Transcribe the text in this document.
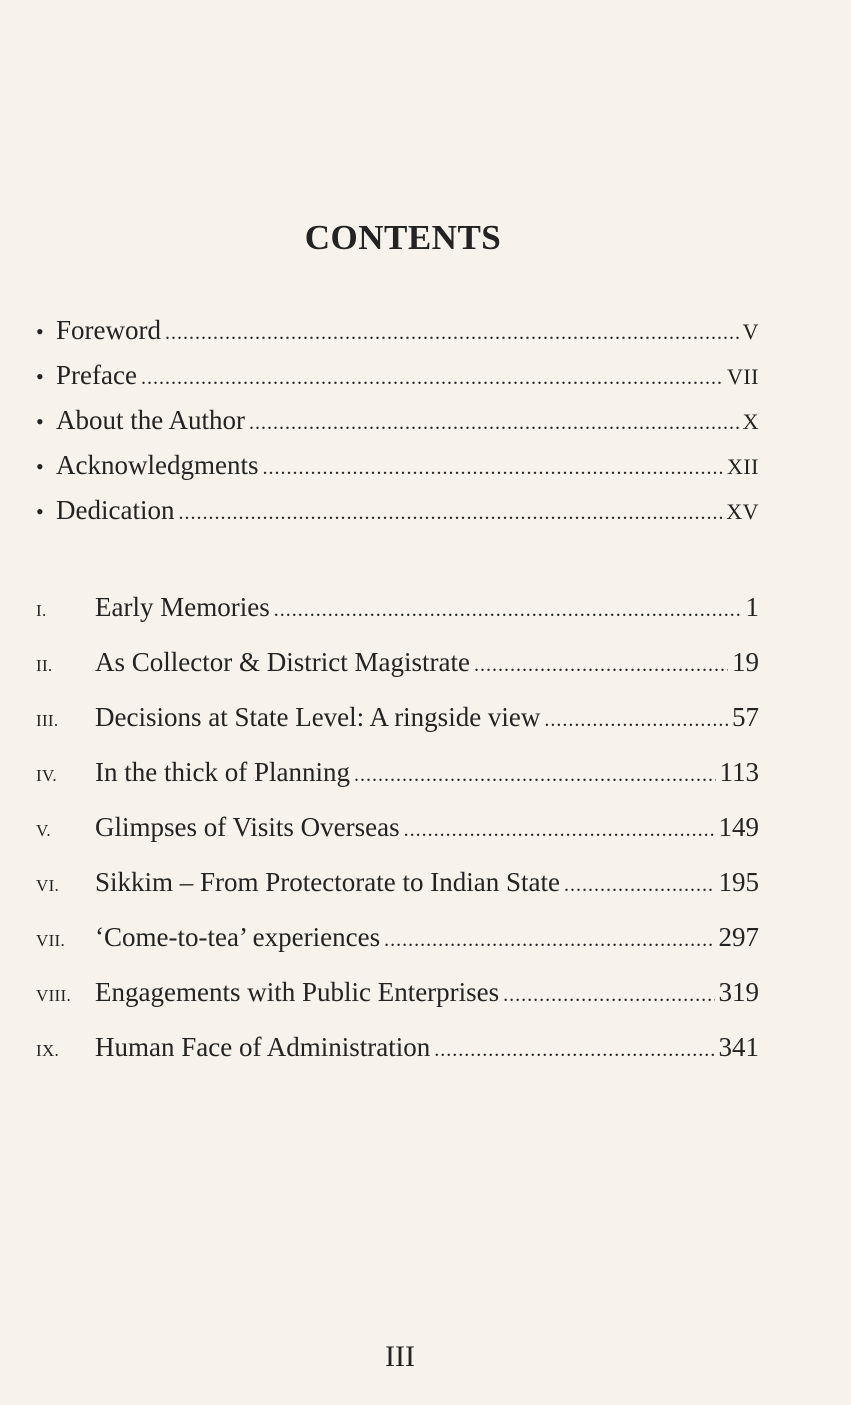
CONTENTS
• Foreword .....	V
• Preface .....	VII
• About the Author .....	X
• Acknowledgments .....	XII
• Dedication .....	XV
I.	Early Memories .....	1
II.	As Collector & District Magistrate .....	19
III.	Decisions at State Level: A ringside view .....	57
IV.	In the thick of Planning .....	113
V.	Glimpses of Visits Overseas .....	149
VI.	Sikkim – From Protectorate to Indian State .....	195
VII.	‘Come-to-tea’ experiences .....	297
VIII. Engagements with Public Enterprises .....	319
IX.	Human Face of Administration .....	341
III
